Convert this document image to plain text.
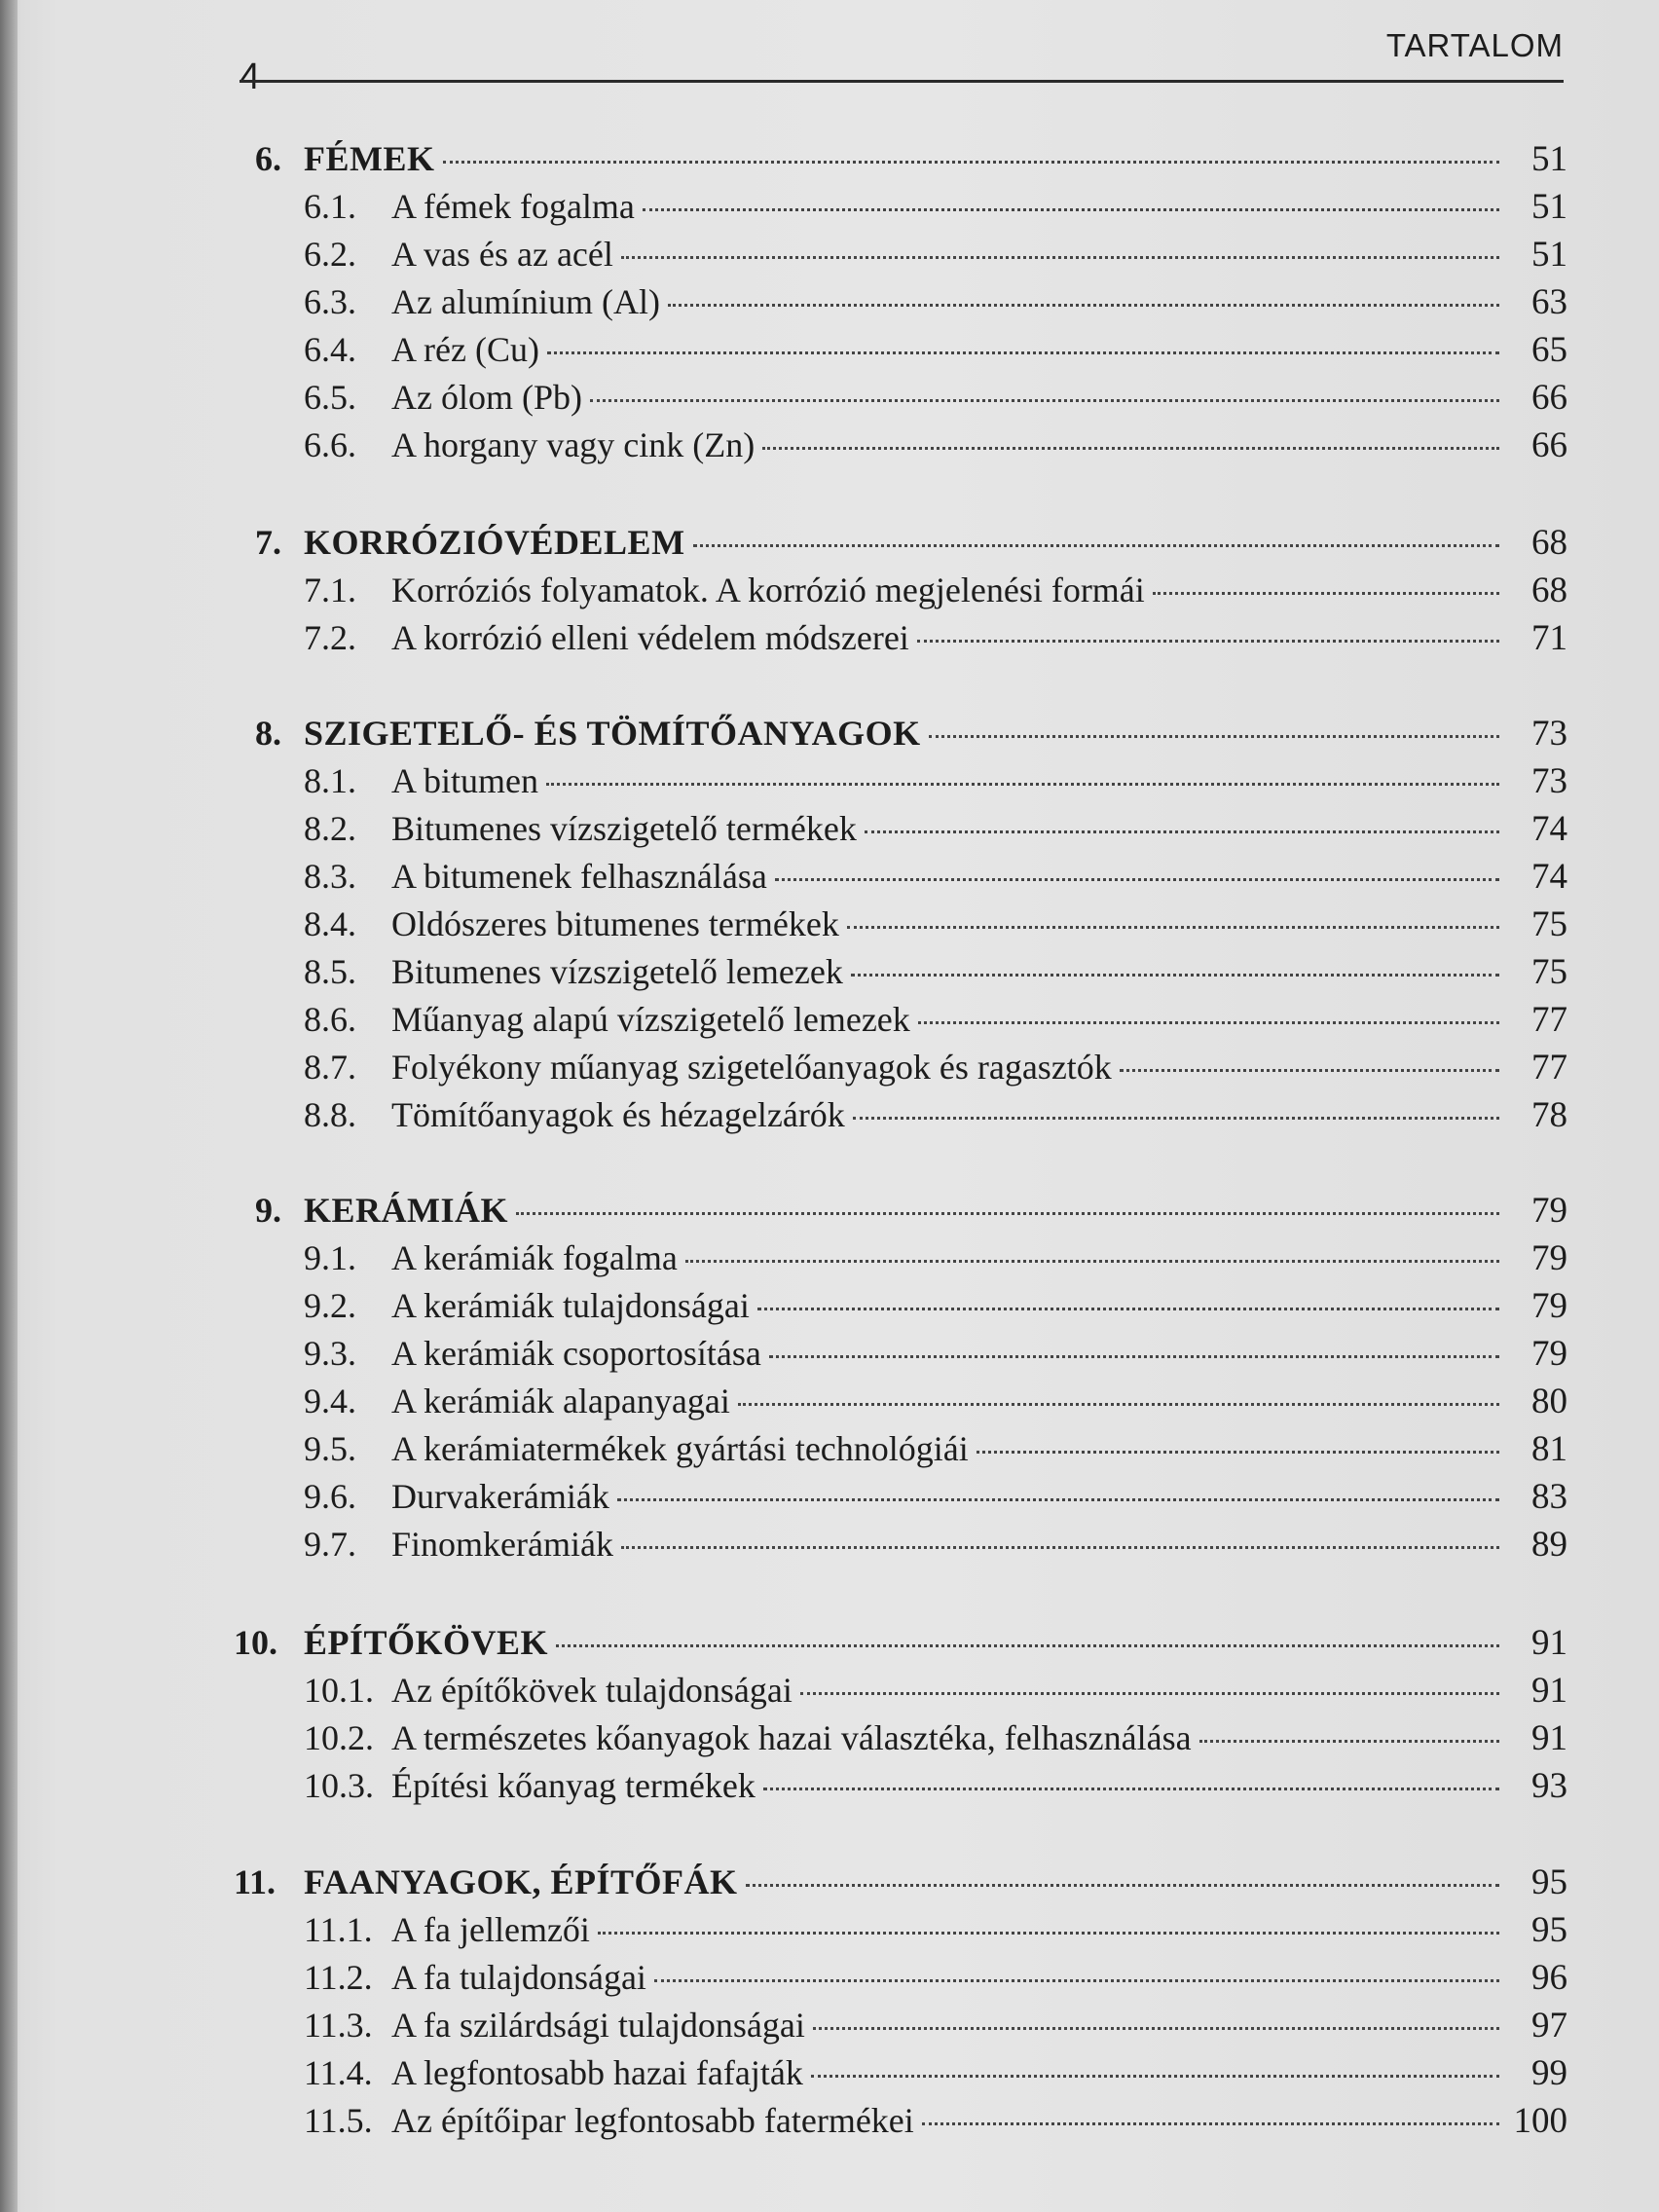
4
TARTALOM
6. FÉMEK	51
6.1.	A fémek fogalma	51
6.2.	A vas és az acél	51
6.3.	Az alumínium (Al)	63
6.4.	A réz (Cu)	65
6.5.	Az ólom (Pb)	66
6.6.	A horgany vagy cink (Zn)	66
7. KORRÓZIÓVÉDELEM	68
7.1.	Korróziós folyamatok. A korrózió megjelenési formái	68
7.2.	A korrózió elleni védelem módszerei	71
8. SZIGETELŐ- ÉS TÖMÍTŐANYAGOK	73
8.1.	A bitumen	73
8.2.	Bitumenes vízszigetelő termékek	74
8.3.	A bitumenek felhasználása	74
8.4.	Oldószeres bitumenes termékek	75
8.5.	Bitumenes vízszigetelő lemezek	75
8.6.	Műanyag alapú vízszigetelő lemezek	77
8.7.	Folyékony műanyag szigetelőanyagok és ragasztók	77
8.8.	Tömítőanyagok és hézagelzárók	78
9. KERÁMIÁK	79
9.1.	A kerámiák fogalma	79
9.2.	A kerámiák tulajdonságai	79
9.3.	A kerámiák csoportosítása	79
9.4.	A kerámiák alapanyagai	80
9.5.	A kerámiatermékek gyártási technológiái	81
9.6.	Durvakerámiák	83
9.7.	Finomkerámiák	89
10. ÉPÍTŐKÖVEK	91
10.1. Az építőkövek tulajdonságai	91
10.2. A természetes kőanyagok hazai választéka, felhasználása	91
10.3. Építési kőanyag termékek	93
11. FAANYAGOK, ÉPÍTŐFÁK	95
11.1. A fa jellemzői	95
11.2. A fa tulajdonságai	96
11.3. A fa szilárdsági tulajdonságai	97
11.4. A legfontosabb hazai fafajták	99
11.5. Az építőipar legfontosabb fatermékei	100
